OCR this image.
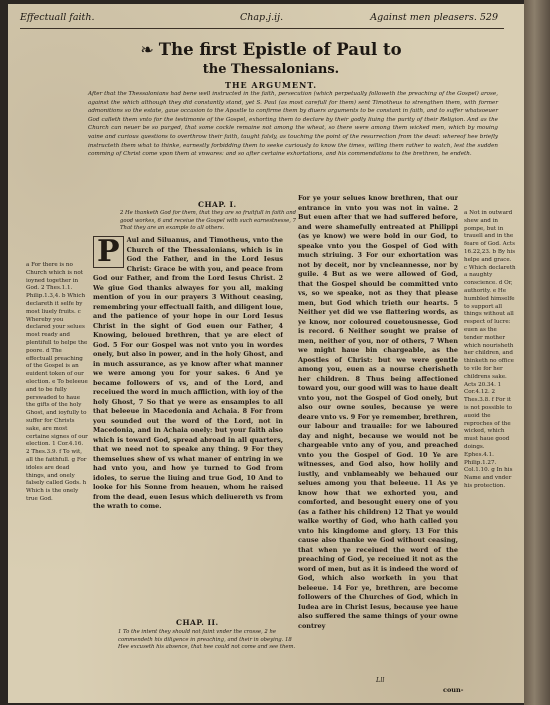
Effectuall faith.	Chap.j.ij.	Against men pleasers. 529
❧ The first Epistle of Paul to
the Thessalonians.
THE ARGUMENT.
After that the Thessalonians had bene well instructed in the faith, persecution (which perpetually followeth the preaching of the Gospel) arose, against the which although they did constantly stand, yet S. Paul (as most carefull for them) sent Timotheus to strengthen them, with former admonitions so the estate, gaue occasion to the Apostle to confirme them by diuers arguments to be constant in faith, and to suffer whatsoeuer God calleth them vnto for the testimonie of the Gospel, exhorting them to declare by their godly liuing the purity of their Religion. And as the Church can neuer be so purged, that some cockle remaine not among the wheat, so there were among them wicked men, which by mouing vaine and curious questions to overthrow their faith, taught falsly, as touching the point of the resurrection from the dead: whereof hee briefly instructeth them what to thinke, earnestly forbidding them to seeke curiously to know the times, willing them rather to watch, lest the sudden comming of Christ come vpon them at vnwares: and so after certaine exhortations, and his commendations to the brethren, he endeth.
CHAP. I.
2 He thanketh God for them, that they are so fruitfull in faith and good workes, 6 and receiue the Gospel with such earnestnesse, 7 That they are an example to all others.
a For there is no Church which is not ioyned together in God. 2 Thes.1.1. Philip.1.3,4. b Which declareth it selfe by most liuely fruits. c Whereby you declared your selues most ready and plentifull to helpe the poore. d The effectuall preaching of the Gospel is an euident token of our election. e To beleeue and to be fully perswaded to haue the gifts of the holy Ghost, and ioyfully to suffer for Christs sake, are most certaine signes of our election. 1 Cor.4.16. 2 Thes.3.9. f To wit, all the faithfull. g For idoles are dead things, and onely falsely called Gods. h Which is the onely true God.
P	Aul and Siluanus, and Timotheus, vnto the Church of the Thessalonians, which is in God the Father, and in the Lord Iesus Christ: Grace be with you, and peace from God our Father, and from the Lord Iesus Christ. 2 We giue God thanks alwayes for you all, making mention of you in our prayers 3 Without ceasing, remembring your effectuall faith, and diligent loue, and the patience of your hope in our Lord Iesus Christ in the sight of God euen our Father, 4 Knowing, beloued brethren, that ye are elect of God. 5 For our Gospel was not vnto you in wordes onely, but also in power, and in the holy Ghost, and in much assurance, as ye know after what manner we were among you for your sakes. 6 And ye became followers of vs, and of the Lord, and receiued the word in much affliction, with ioy of the holy Ghost, 7 So that ye were as ensamples to all that beleeue in Macedonia and Achaia. 8 For from you sounded out the word of the Lord, not in Macedonia, and in Achaia onely: but your faith also which is toward God, spread abroad in all quarters, that we need not to speake any thing. 9 For they themselues shew of vs what maner of entring in we had vnto you, and how ye turned to God from idoles, to serue the liuing and true God, 10 And to looke for his Sonne from heauen, whom he raised from the dead, euen Iesus which deliuereth vs from the wrath to come.
CHAP. II.
1 To the intent they should not faint vnder the crosse, 2 he commendeth his diligence in preaching, and their in obeying. 18 Hee excuseth his absence, that hee could not come and see them.
For ye your selues know brethren, that our entrance in vnto you was not in vaine. 2 But euen after that we had suffered before, and were shamefully entreated at Philippi (as ye know) we were bold in our God, to speake vnto you the Gospel of God with much striuing. 3 For our exhortation was not by deceit, nor by vncleannesse, nor by guile. 4 But as we were allowed of God, that the Gospel should be committed vnto vs, so we speake, not as they that please men, but God which trieth our hearts. 5 Neither yet did we vse flattering words, as ye know, nor coloured couetousnesse, God is record. 6 Neither sought we praise of men, neither of you, nor of others, 7 When we might haue bin chargeable, as the Apostles of Christ: but we were gentle among you, euen as a nourse cherisheth her children. 8 Thus being affectioned toward you, our good will was to haue dealt vnto you, not the Gospel of God onely, but also our owne soules, because ye were deare vnto vs. 9 For ye remember, brethren, our labour and trauaile: for we laboured day and night, because we would not be chargeable vnto any of you, and preached vnto you the Gospel of God. 10 Ye are witnesses, and God also, how holily and iustly, and vnblameably we behaued our selues among you that beleeue. 11 As ye know how that we exhorted you, and comforted, and besought euery one of you (as a father his children) 12 That ye would walke worthy of God, who hath called you vnto his kingdome and glory. 13 For this cause also thanke we God without ceasing, that when ye receiued the word of the preaching of God, ye receiued it not as the word of men, but as it is indeed the word of God, which also worketh in you that beleeue. 14 For ye, brethren, are become followers of the Churches of God, which in Iudea are in Christ Iesus, because yee haue also suffered the same things of your owne contrey
a Not in outward shew and in pompe, but in trauell and in the feare of God. Acts 16.22,23. b By his helpe and grace. c Which declareth a naughty conscience. d Or, authority. e He humbled himselfe to support all things without all respect of lucre: euen as the tender mother which nourisheth her children, and thinketh no office to vile for her childrens sake. Acts 20.34. 1 Cor.4.12. 2 Thes.3.8. f For it is not possible to auoid the reproches of the wicked, which must haue good doings. Ephes.4.1. Philip.1.27. Col.1.10. g In his Name and vnder his protection.
coun-
Lll
